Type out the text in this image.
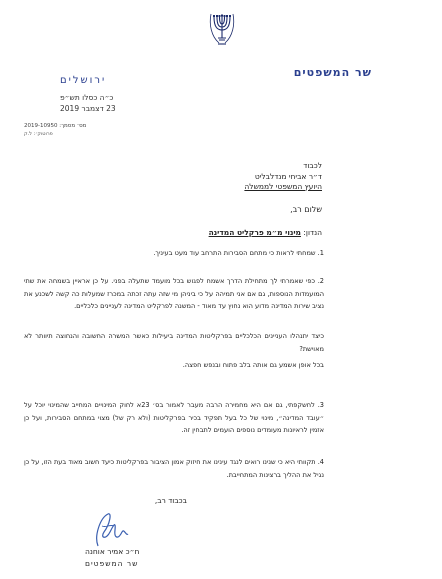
שר המשפטים
ירושלים
כ״ה כסלו תש״פ
23 דצמבר 2019
מס׳ מסמך: 2019-10950
פרוטוק׳: ל.ק
לכבוד
ד״ר אביחי מנדלבליט
היועץ המשפטי לממשלה
שלום רב,
הנדון: מינוי מ״מ פרקליט המדינה
1. שמחתי לראות כי מתחם הסבירות התרחב עוד מעט בעיניך.
2. כפי שאמרתי לך מתחילת הדרך אשמח לפגוש בכל מועמד שתעלה בפני. על כן אראיין בשמחה את שתי המועמדות הנוספות, גם אם אני תמיהה על כי ביניהן מי שזה עתה זכתה במכרז שמעלות כה קשה לשכנע את נציב שירות המדינה מדוע הוא נחוץ עד מאוד - המשנה לפרקליט המדינה לעניינים כלכליים.
כיצד יתנהלו העניינים הכלכליים בפרקליטות המדינה ביעילות כאשר המשרה החשובה והנחוצה תיוותר לא מאוישת?
בכל אופן אשמע גם אותה בלב פתוח ובנפש חפצה.
3. לחשקפתי, גם אם היא מחמירה הרבה מעבר לאמור בס׳ 23א לחוק המינויים המחייב שהמינוי יוכל על ״עובד המדינה״, מינוי של כל בעל תפקיד בכיר בפרקליטות (ולא רק של) מצוי במתחם הסבירות, ועל כן אזמין לראיונות מעומדים נוספים הועמים לתבחין זה.
4. תקוותי היא כי שנינו רואים לנגד עינינו את חיזוק אמון הציבור בפרקליטות כיעד חשוב מאוד בעת הזו, על כן נגיל את ההליך ברצינות המתחייבת.
בכבוד רב,
ח״כ אמיר אוחנה
שר המשפטים
